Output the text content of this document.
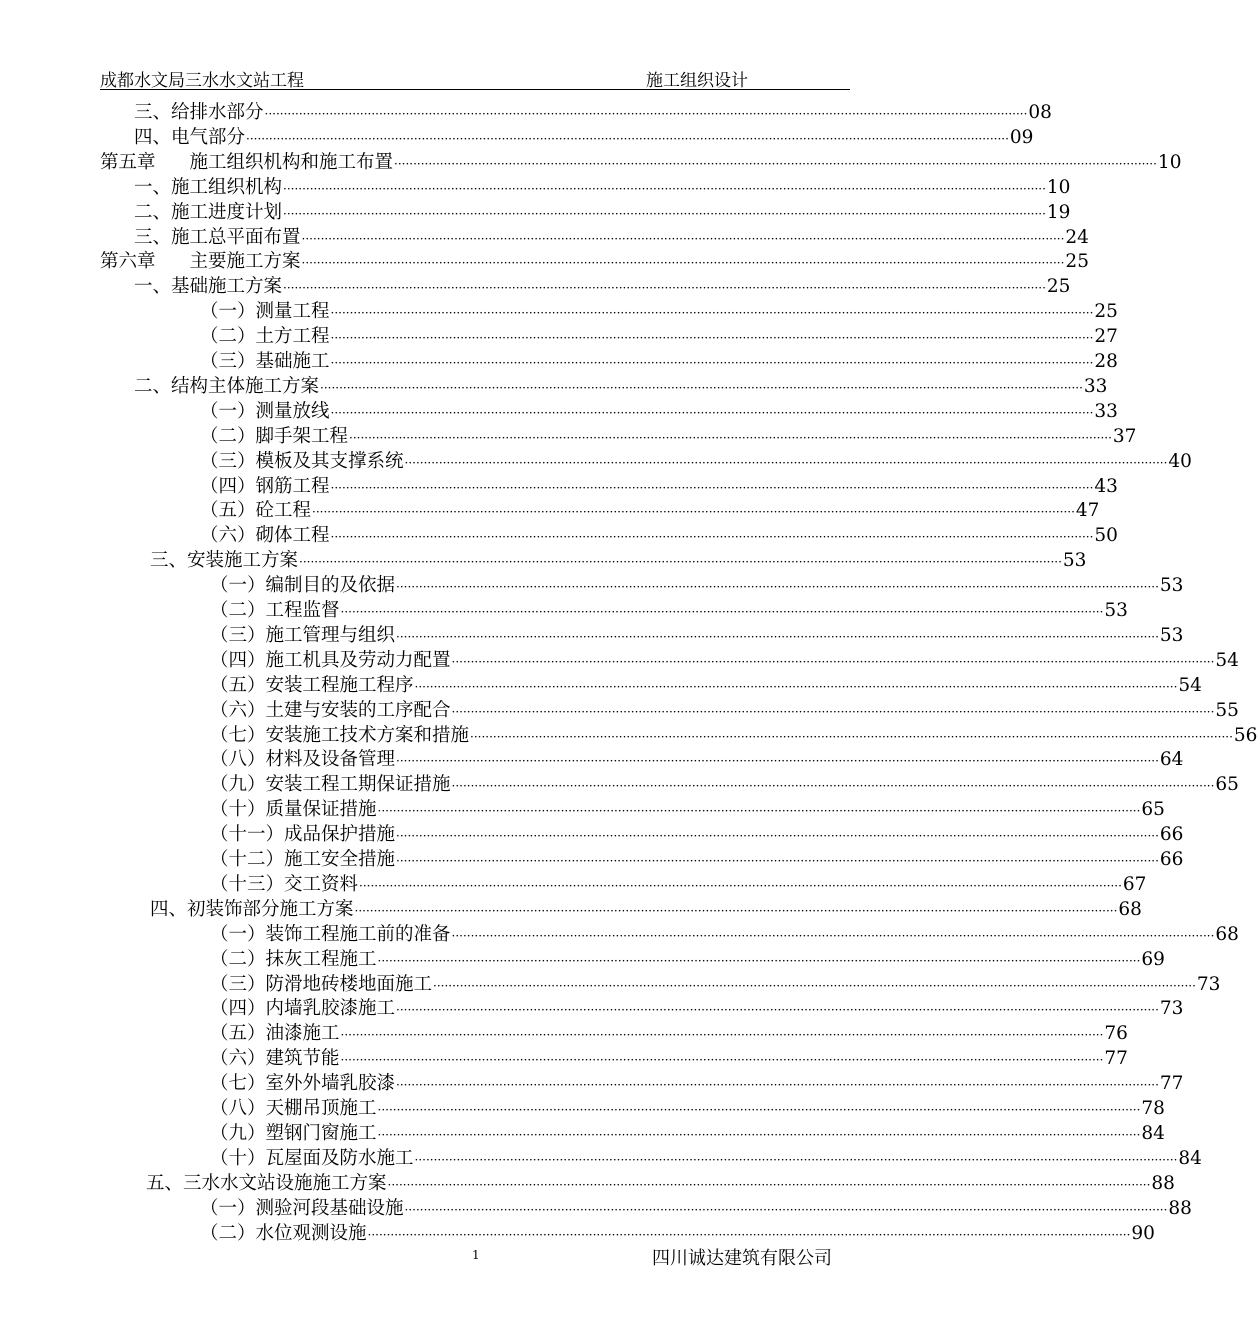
成都水文局三水水文站工程	施工组织设计
三、给排水部分 ········································································································································································································ 08
四、电气部分 ········································································································································································································ 09
第五章 施工组织机构和施工布置 ········································································································································································································ 10
一、施工组织机构 ········································································································································································································ 10
二、施工进度计划 ········································································································································································································ 19
三、施工总平面布置 ········································································································································································································ 24
第六章 主要施工方案 ········································································································································································································ 25
一、基础施工方案 ········································································································································································································ 25
（一）测量工程 ········································································································································································································ 25
（二）土方工程 ········································································································································································································ 27
（三）基础施工 ········································································································································································································ 28
二、结构主体施工方案 ········································································································································································································ 33
（一）测量放线 ········································································································································································································ 33
（二）脚手架工程 ········································································································································································································ 37
（三）模板及其支撑系统 ········································································································································································································ 40
（四）钢筋工程 ········································································································································································································ 43
（五）砼工程 ········································································································································································································ 47
（六）砌体工程 ········································································································································································································ 50
三、安装施工方案 ········································································································································································································ 53
（一）编制目的及依据 ········································································································································································································ 53
（二）工程监督 ········································································································································································································ 53
（三）施工管理与组织 ········································································································································································································ 53
（四）施工机具及劳动力配置 ········································································································································································································ 54
（五）安装工程施工程序 ········································································································································································································ 54
（六）土建与安装的工序配合 ········································································································································································································ 55
（七）安装施工技术方案和措施 ········································································································································································································ 56
（八）材料及设备管理 ········································································································································································································ 64
（九）安装工程工期保证措施 ········································································································································································································ 65
（十）质量保证措施 ········································································································································································································ 65
（十一）成品保护措施 ········································································································································································································ 66
（十二）施工安全措施 ········································································································································································································ 66
（十三）交工资料 ········································································································································································································ 67
四、初装饰部分施工方案 ········································································································································································································ 68
（一）装饰工程施工前的准备 ········································································································································································································ 68
（二）抹灰工程施工 ········································································································································································································ 69
（三）防滑地砖楼地面施工 ········································································································································································································ 73
（四）内墙乳胶漆施工 ········································································································································································································ 73
（五）油漆施工 ········································································································································································································ 76
（六）建筑节能 ········································································································································································································ 77
（七）室外外墙乳胶漆 ········································································································································································································ 77
（八）天棚吊顶施工 ········································································································································································································ 78
（九）塑钢门窗施工 ········································································································································································································ 84
（十）瓦屋面及防水施工 ········································································································································································································ 84
五、三水水文站设施施工方案 ········································································································································································································ 88
（一）测验河段基础设施 ········································································································································································································ 88
（二）水位观测设施 ········································································································································································································ 90
1	四川诚达建筑有限公司
